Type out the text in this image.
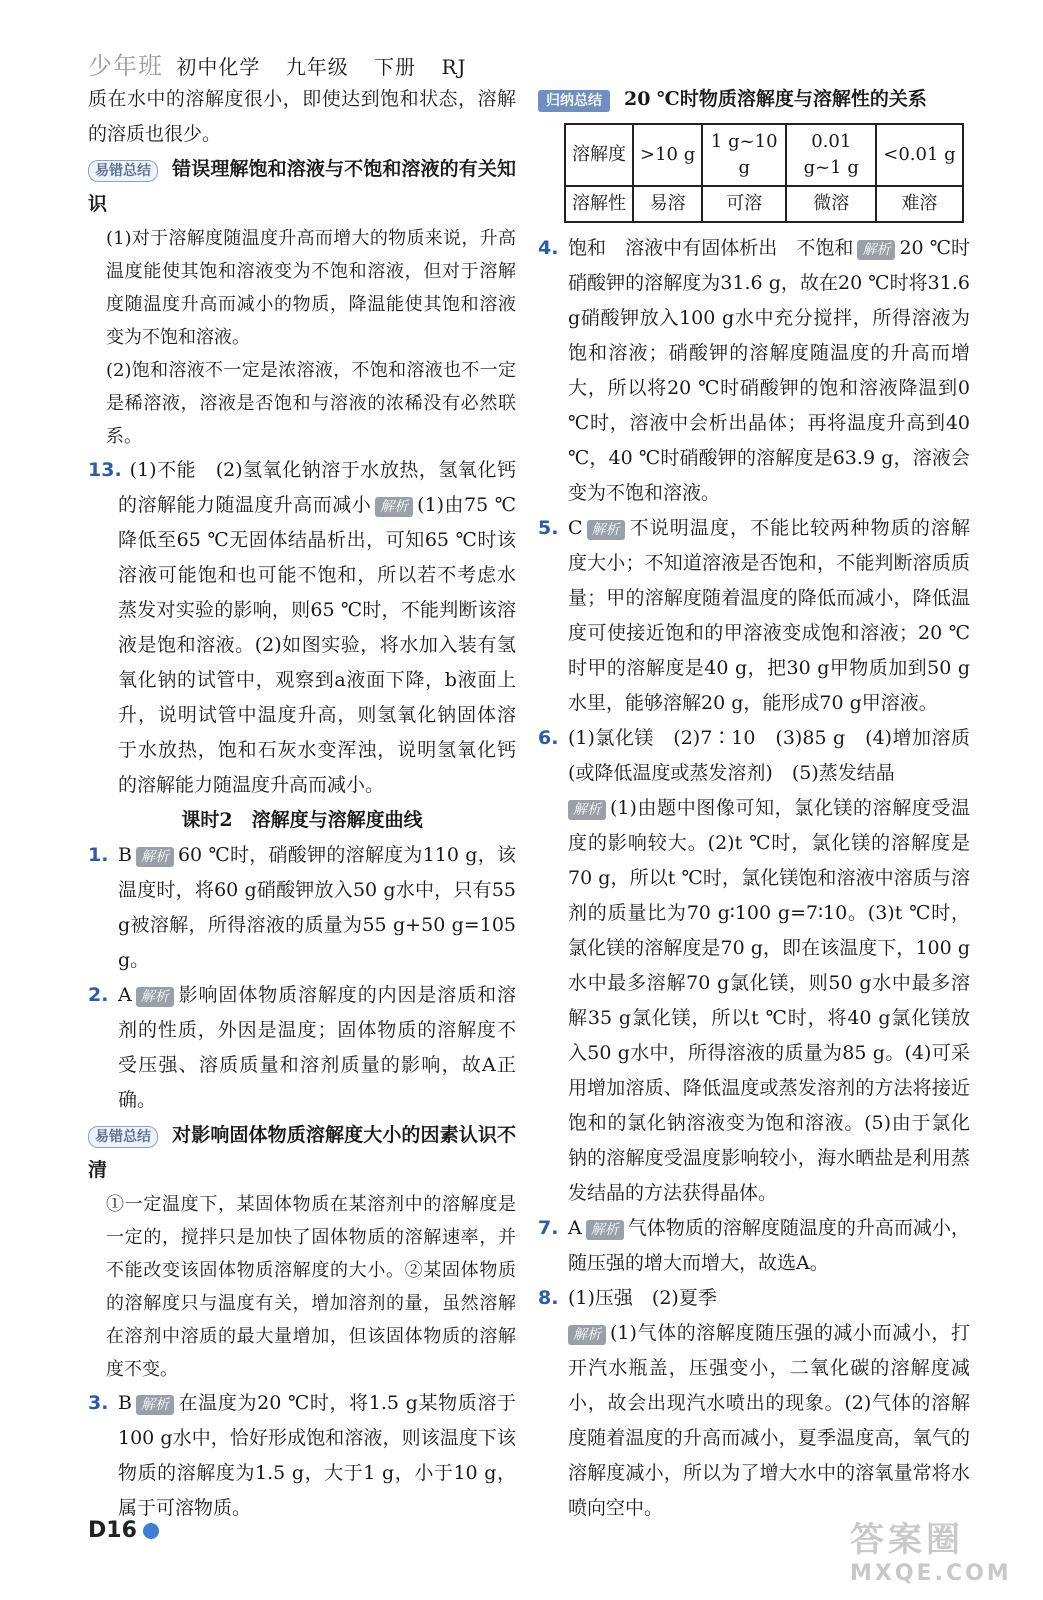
少年班 初中化学 九年级 下册 RJ

质在水中的溶解度很小，即使达到饱和状态，溶解的溶质也很少。

易错总结 错误理解饱和溶液与不饱和溶液的有关知识

(1)对于溶解度随温度升高而增大的物质来说，升高温度能使其饱和溶液变为不饱和溶液，但对于溶解度随温度升高而减小的物质，降温能使其饱和溶液变为不饱和溶液。

(2)饱和溶液不一定是浓溶液，不饱和溶液也不一定是稀溶液，溶液是否饱和与溶液的浓稀没有必然联系。

13. (1)不能　(2)氢氧化钠溶于水放热，氢氧化钙的溶解能力随温度升高而减小 解析 (1)由75 ℃降低至65 ℃无固体结晶析出，可知65 ℃时该溶液可能饱和也可能不饱和，所以若不考虑水蒸发对实验的影响，则65 ℃时，不能判断该溶液是饱和溶液。(2)如图实验，将水加入装有氢氧化钠的试管中，观察到a液面下降，b液面上升，说明试管中温度升高，则氢氧化钠固体溶于水放热，饱和石灰水变浑浊，说明氢氧化钙的溶解能力随温度升高而减小。

课时2　溶解度与溶解度曲线

1. B 解析 60 ℃时，硝酸钾的溶解度为110 g，该温度时，将60 g硝酸钾放入50 g水中，只有55 g被溶解，所得溶液的质量为55 g+50 g=105 g。

2. A 解析 影响固体物质溶解度的内因是溶质和溶剂的性质，外因是温度；固体物质的溶解度不受压强、溶质质量和溶剂质量的影响，故A正确。

易错总结 对影响固体物质溶解度大小的因素认识不清

①一定温度下，某固体物质在某溶剂中的溶解度是一定的，搅拌只是加快了固体物质的溶解速率，并不能改变该固体物质溶解度的大小。②某固体物质的溶解度只与温度有关，增加溶剂的量，虽然溶解在溶剂中溶质的最大量增加，但该固体物质的溶解度不变。

3. B 解析 在温度为20 ℃时，将1.5 g某物质溶于100 g水中，恰好形成饱和溶液，则该温度下该物质的溶解度为1.5 g，大于1 g，小于10 g，属于可溶物质。

归纳总结 20 ℃时物质溶解度与溶解性的关系

溶解度	>10 g	1 g~10 g	0.01 g~1 g	<0.01 g
溶解性	易溶	可溶	微溶	难溶

4. 饱和　溶液中有固体析出　不饱和 解析 20 ℃时硝酸钾的溶解度为31.6 g，故在20 ℃时将31.6 g硝酸钾放入100 g水中充分搅拌，所得溶液为饱和溶液；硝酸钾的溶解度随温度的升高而增大，所以将20 ℃时硝酸钾的饱和溶液降温到0 ℃时，溶液中会析出晶体；再将温度升高到40 ℃，40 ℃时硝酸钾的溶解度是63.9 g，溶液会变为不饱和溶液。

5. C 解析 不说明温度，不能比较两种物质的溶解度大小；不知道溶液是否饱和，不能判断溶质质量；甲的溶解度随着温度的降低而减小，降低温度可使接近饱和的甲溶液变成饱和溶液；20 ℃时甲的溶解度是40 g，把30 g甲物质加到50 g水里，能够溶解20 g，能形成70 g甲溶液。

6. (1)氯化镁　(2)7∶10　(3)85 g　(4)增加溶质(或降低温度或蒸发溶剂)　(5)蒸发结晶

解析 (1)由题中图像可知，氯化镁的溶解度受温度的影响较大。(2)t ℃时，氯化镁的溶解度是70 g，所以t ℃时，氯化镁饱和溶液中溶质与溶剂的质量比为70 g∶100 g=7∶10。(3)t ℃时，氯化镁的溶解度是70 g，即在该温度下，100 g水中最多溶解70 g氯化镁，则50 g水中最多溶解35 g氯化镁，所以t ℃时，将40 g氯化镁放入50 g水中，所得溶液的质量为85 g。(4)可采用增加溶质、降低温度或蒸发溶剂的方法将接近饱和的氯化钠溶液变为饱和溶液。(5)由于氯化钠的溶解度受温度影响较小，海水晒盐是利用蒸发结晶的方法获得晶体。

7. A 解析 气体物质的溶解度随温度的升高而减小，随压强的增大而增大，故选A。

8. (1)压强　(2)夏季

解析 (1)气体的溶解度随压强的减小而减小，打开汽水瓶盖，压强变小，二氧化碳的溶解度减小，故会出现汽水喷出的现象。(2)气体的溶解度随着温度的升高而减小，夏季温度高，氧气的溶解度减小，所以为了增大水中的溶氧量常将水喷向空中。

D16	答案圈
MXQE.COM
